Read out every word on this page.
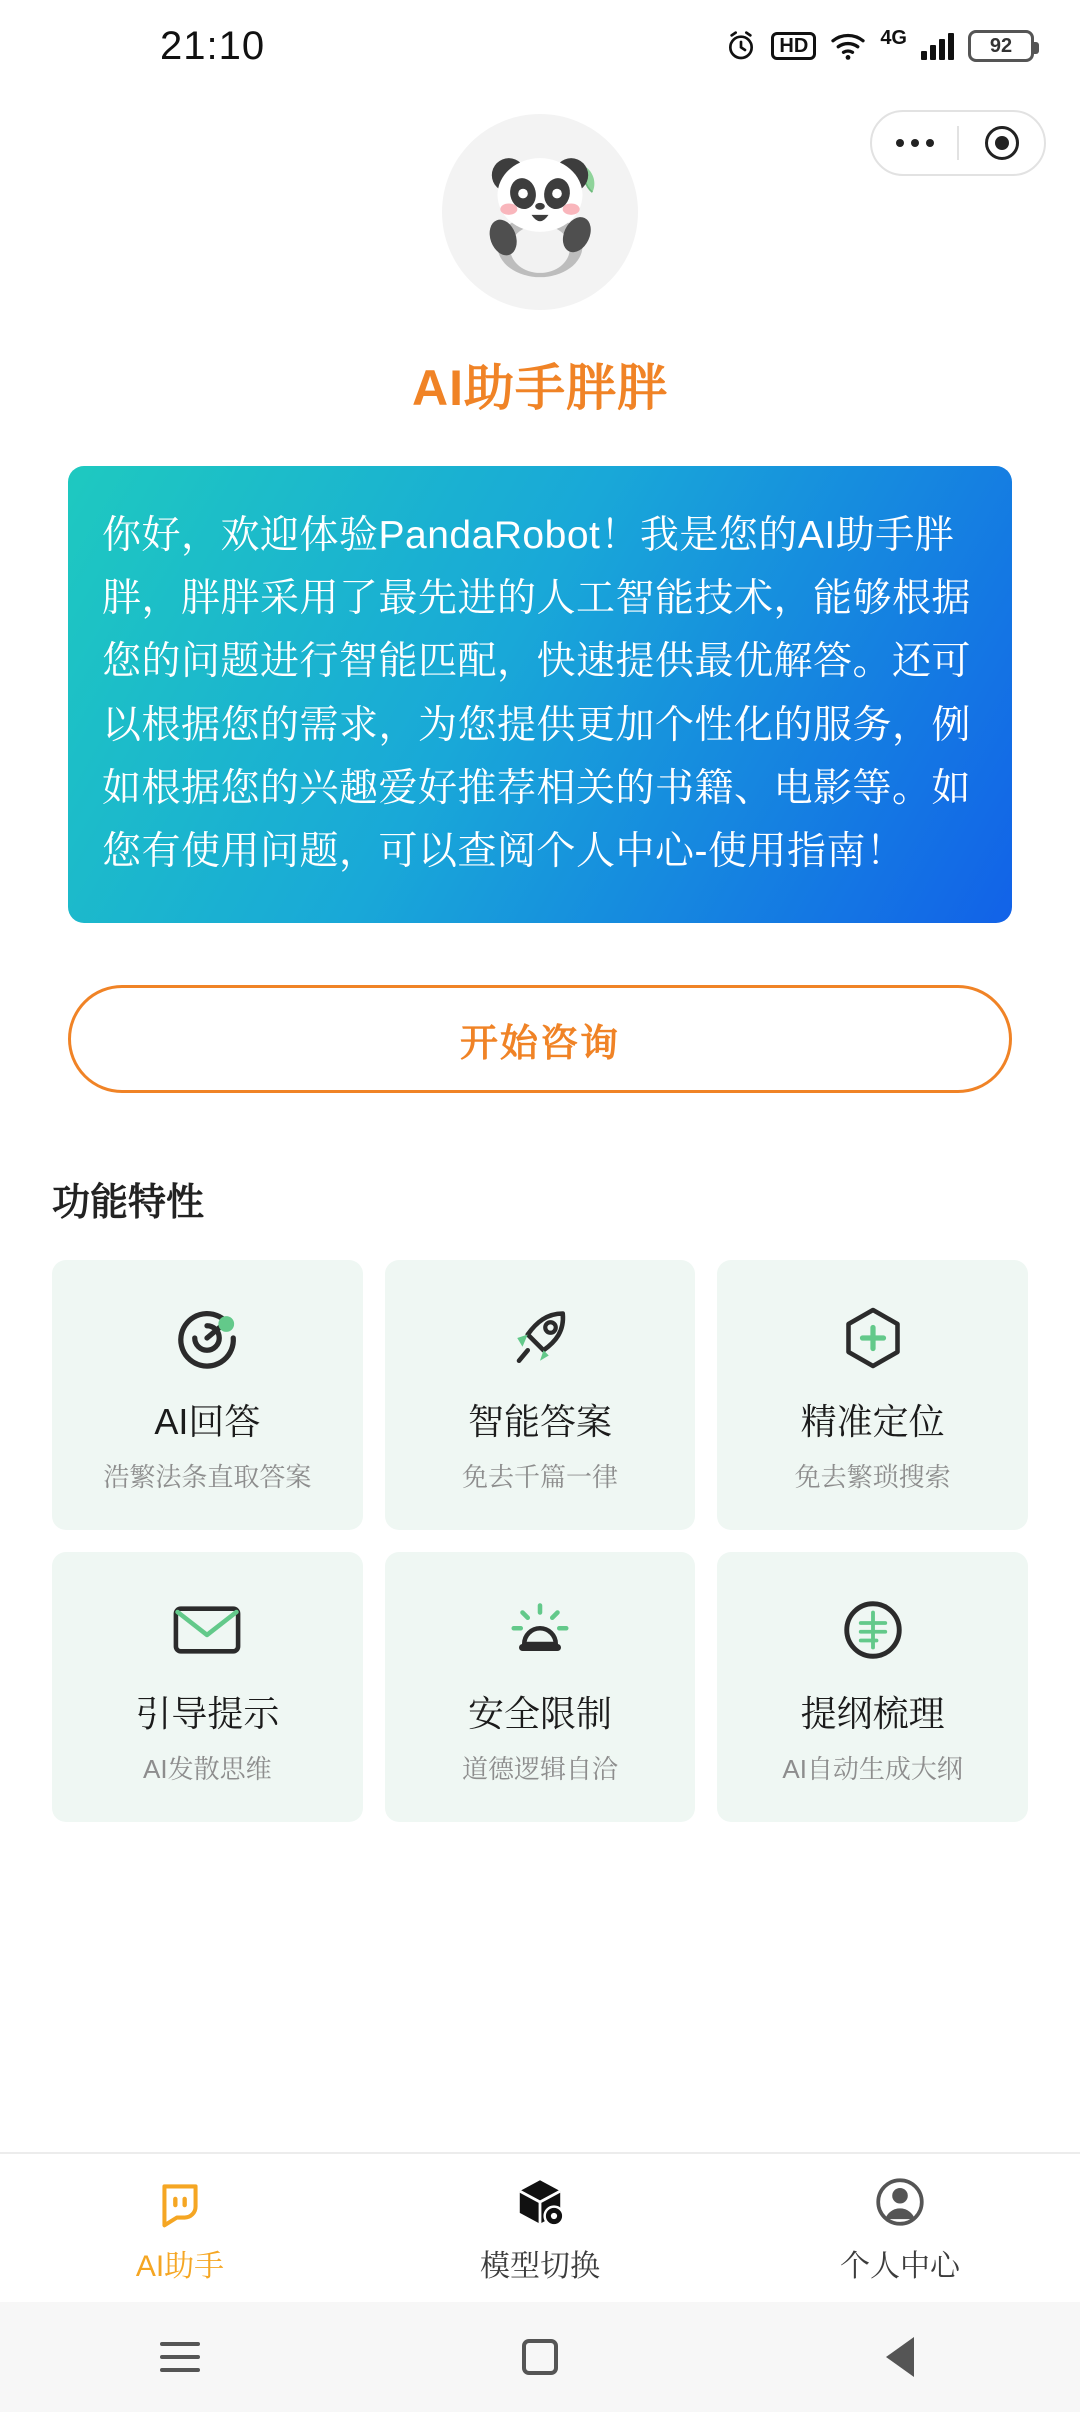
21:10	HD	4G	92
AI助手胖胖
你好，欢迎体验PandaRobot！我是您的AI助手胖胖，胖胖采用了最先进的人工智能技术，能够根据您的问题进行智能匹配，快速提供最优解答。还可以根据您的需求，为您提供更加个性化的服务，例如根据您的兴趣爱好推荐相关的书籍、电影等。如您有使用问题，可以查阅个人中心-使用指南！
开始咨询
功能特性
AI回答
浩繁法条直取答案
智能答案
免去千篇一律
精准定位
免去繁琐搜索
引导提示
AI发散思维
安全限制
道德逻辑自洽
提纲梳理
AI自动生成大纲
AI助手	模型切换	个人中心
